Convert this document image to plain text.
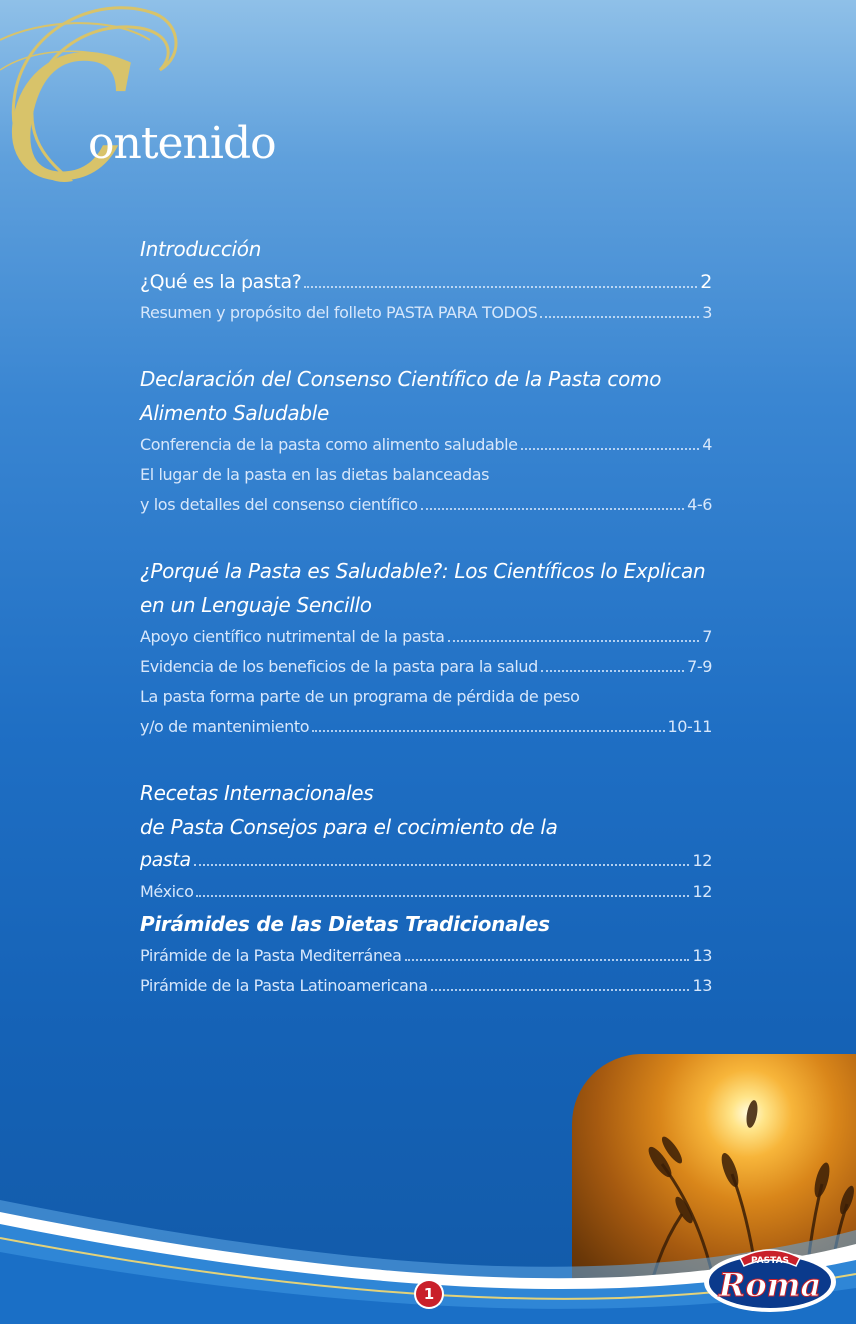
C
ontenido
Introducción
¿Qué es la pasta?	2
Resumen y propósito del folleto PASTA PARA TODOS	3
Declaración del Consenso Científico de la Pasta como
Alimento Saludable
Conferencia de la pasta como alimento saludable	4
El lugar de la pasta en las dietas balanceadas
y los detalles del consenso científico	4-6
¿Porqué la Pasta es Saludable?: Los Científicos lo Explican
en un Lenguaje Sencillo
Apoyo científico nutrimental de la pasta	7
Evidencia de los beneficios de la pasta para la salud	7-9
La pasta forma parte de un programa de pérdida de peso
y/o de mantenimiento	10-11
Recetas Internacionales
de Pasta Consejos para el cocimiento de la
pasta	12
México	12
Pirámides de las Dietas Tradicionales
Pirámide de la Pasta Mediterránea	13
Pirámide de la Pasta Latinoamericana	13
1
PASTAS
Roma
